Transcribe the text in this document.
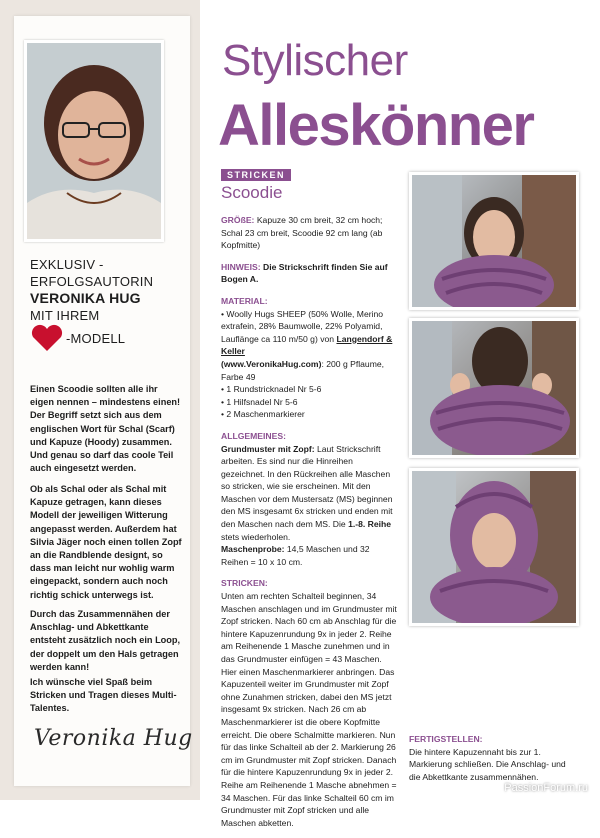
EXKLUSIV -
ERFOLGSAUTORIN
VERONIKA HUG
MIT IHREM
-MODELL
Einen Scoodie sollten alle ihr eigen nennen – mindestens einen! Der Begriff setzt sich aus dem englischen Wort für Schal (Scarf) und Kapuze (Hoody) zusammen. Und genau so darf das coole Teil auch eingesetzt werden.
Ob als Schal oder als Schal mit Kapuze getragen, kann dieses Modell der jeweiligen Witterung angepasst werden. Außerdem hat Silvia Jäger noch einen tollen Zopf an die Randblende designt, so dass man leicht nur wohlig warm eingepackt, sondern auch noch richtig schick unterwegs ist.
Durch das Zusammennähen der Anschlag- und Abkettkante entsteht zusätzlich noch ein Loop, der doppelt um den Hals getragen werden kann!
Ich wünsche viel Spaß beim Stricken und Tragen dieses Multi-Talentes.
Veronika Hug
Stylischer
Alleskönner
STRICKEN
Scoodie

GRÖßE: Kapuze 30 cm breit, 32 cm hoch; Schal 23 cm breit, Scoodie 92 cm lang (ab Kopfmitte)

HINWEIS: Die Strickschrift finden Sie auf Bogen A.

MATERIAL:
• Woolly Hugs SHEEP (50% Wolle, Merino extrafein, 28% Baumwolle, 22% Polyamid, Lauflänge ca 110 m/50 g) von Langendorf & Keller
(www.VeronikaHug.com): 200 g Pflaume, Farbe 49
• 1 Rundstricknadel Nr 5-6
• 1 Hilfsnadel Nr 5-6
• 2 Maschenmarkierer

ALLGEMEINES:
Grundmuster mit Zopf: Laut Strickschrift arbeiten. Es sind nur die Hinreihen gezeichnet. In den Rückreihen alle Maschen so stricken, wie sie erscheinen. Mit den Maschen vor dem Mustersatz (MS) beginnen den MS insgesamt 6x stricken und enden mit den Maschen nach dem MS. Die 1.-8. Reihe stets wiederholen.
Maschenprobe: 14,5 Maschen und 32 Reihen = 10 x 10 cm.

STRICKEN:
Unten am rechten Schalteil beginnen, 34 Maschen anschlagen und im Grundmuster mit Zopf stricken. Nach 60 cm ab Anschlag für die hintere Kapuzenrundung 9x in jeder 2. Reihe am Reihenende 1 Masche zunehmen und in das Grundmuster einfügen = 43 Maschen. Hier einen Maschenmarkierer anbringen. Das Kapuzenteil weiter im Grundmuster mit Zopf ohne Zunahmen stricken, dabei den MS jetzt insgesamt 9x stricken. Nach 26 cm ab Maschenmarkierer ist die obere Kopfmitte erreicht. Die obere Schalmitte markieren. Nun für das linke Schalteil ab der 2. Markierung 26 cm im Grundmuster mit Zopf stricken. Danach für die hintere Kapuzenrundung 9x in jeder 2. Reihe am Reihenende 1 Masche abnehmen = 34 Maschen. Für das linke Schalteil 60 cm im Grundmuster mit Zopf stricken und alle Maschen abketten.

FERTIGSTELLEN:
Die hintere Kapuzennaht bis zur 1. Markierung schließen. Die Anschlag- und die Abkettkante zusammennähen.

PassionForum.ru
